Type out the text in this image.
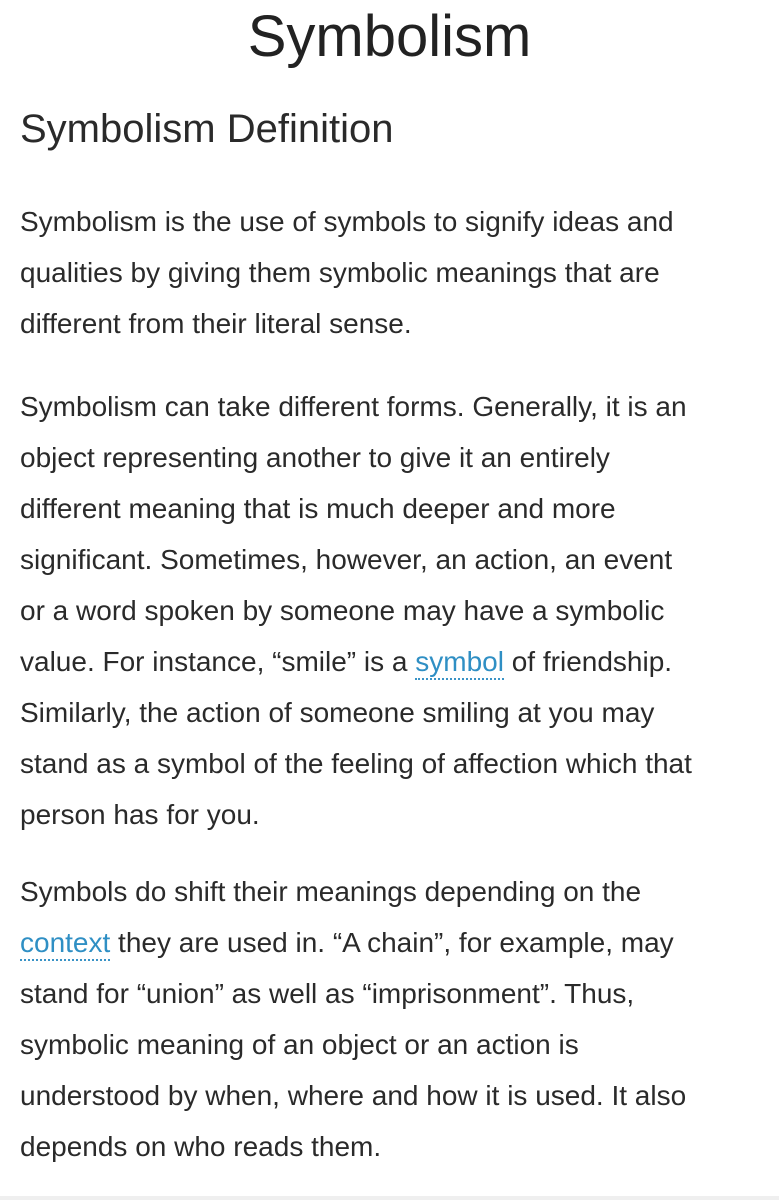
Symbolism
Symbolism Definition

Symbolism is the use of symbols to signify ideas and
qualities by giving them symbolic meanings that are
different from their literal sense.

Symbolism can take different forms. Generally, it is an
object representing another to give it an entirely
different meaning that is much deeper and more
significant. Sometimes, however, an action, an event
or a word spoken by someone may have a symbolic
value. For instance, “smile” is a symbol of friendship.
Similarly, the action of someone smiling at you may
stand as a symbol of the feeling of affection which that
person has for you.

Symbols do shift their meanings depending on the
context they are used in. “A chain”, for example, may
stand for “union” as well as “imprisonment”. Thus,
symbolic meaning of an object or an action is
understood by when, where and how it is used. It also
depends on who reads them.
